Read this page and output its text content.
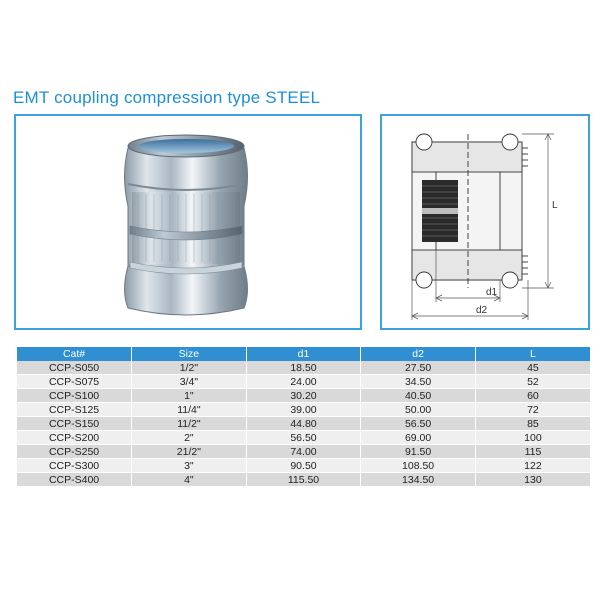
EMT coupling compression type STEEL
L
d1
d2
Cat#	Size	d1	d2	L
CCP-S050	1/2"	18.50	27.50	45
CCP-S075	3/4"	24.00	34.50	52
CCP-S100	1"	30.20	40.50	60
CCP-S125	11/4"	39.00	50.00	72
CCP-S150	11/2"	44.80	56.50	85
CCP-S200	2"	56.50	69.00	100
CCP-S250	21/2"	74.00	91.50	115
CCP-S300	3"	90.50	108.50	122
CCP-S400	4"	115.50	134.50	130
